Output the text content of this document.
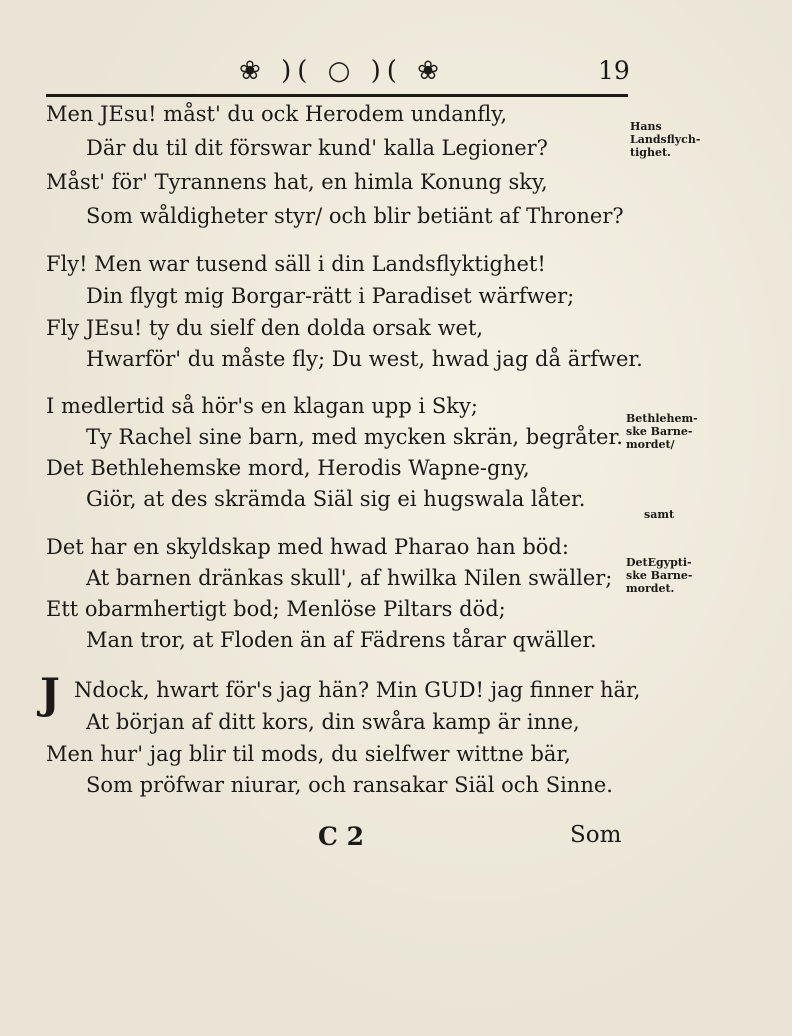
❀ )( ○ )( ❀	19
Men JEsu! måst' du ock Herodem undanfly,
Där du til dit förswar kund' kalla Legioner?
Måst' för' Tyrannens hat, en himla Konung sky,
Som wåldigheter styr/ och blir betiänt af Throner?
Fly! Men war tusend säll i din Landsflyktighet!
Din flygt mig Borgar-rätt i Paradiset wärfwer;
Fly JEsu! ty du sielf den dolda orsak wet,
Hwarför' du måste fly; Du west, hwad jag då ärfwer.
I medlertid så hör's en klagan upp i Sky;
Ty Rachel sine barn, med mycken skrän, begråter.
Det Bethlehemske mord, Herodis Wapne-gny,
Giör, at des skrämda Siäl sig ei hugswala låter.
Det har en skyldskap med hwad Pharao han böd:
At barnen dränkas skull', af hwilka Nilen swäller;
Ett obarmhertigt bod; Menlöse Piltars död;
Man tror, at Floden än af Fädrens tårar qwäller.
J Ndock, hwart för's jag hän? Min GUD! jag finner här,
At början af ditt kors, din swåra kamp är inne,
Men hur' jag blir til mods, du sielfwer wittne bär,
Som pröfwar niurar, och ransakar Siäl och Sinne.
Hans
Landsflych-
tighet.
Bethlehem-
ske Barne-
mordet/
samt
DetEgypti-
ske Barne-
mordet.
C 2	Som
